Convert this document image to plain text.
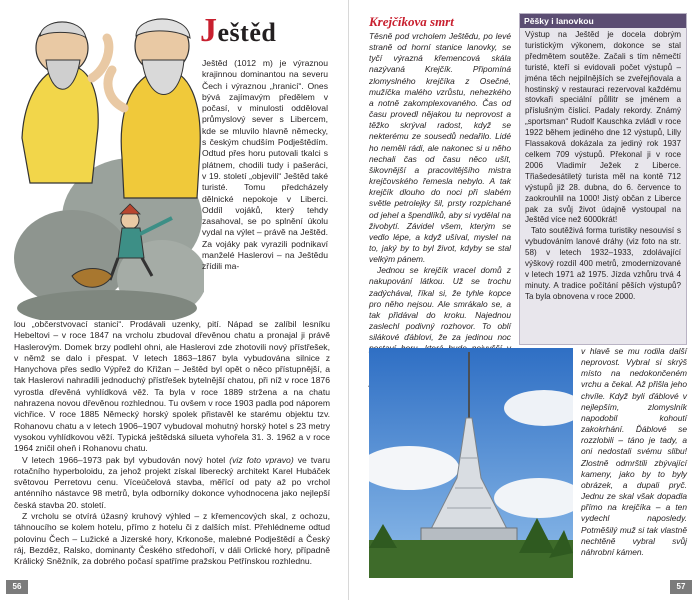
Ještěd

Ještěd (1012 m) je výraznou krajinnou dominantou na severu Čech i výraznou „hranicí“. Ones bývá zajímavým předělem v počasí, v minulosti odděloval průmyslový sever s Libercem, kde se mluvilo hlavně německy, s českým chudším Podještědím. Odtud přes horu putovali tkalci s plátnem, chodili tudy i pašeráci, v 19. století „objevili“ Ještěd také turisté. Tomu předcházely dělnické nepokoje v Liberci. Oddíl vojáků, který tehdy zasahoval, se po splnění úkolu vydal na výlet – právě na Ještěd. Za vojáky pak vyrazili podnikaví manželé Haslerovi – na Ještědu zřídili ma-

lou „občerstvovací stanici“. Prodávali uzenky, pití. Nápad se zalíbil lesníku Hebeltovi – v roce 1847 na vrcholu zbudoval dřevěnou chatu a pronajal ji právě Haslerovým. Domek brzy podlehl ohni, ale Haslerovi zde zhotovili nový přístřešek, v němž se dalo i přespat. V letech 1863–1867 byla vybudována silnice z Hanychova přes sedlo Výpřež do Křižan – Ještěd byl opět o něco přístupnější, a tak Haslerovi nahradili jednoduchý přístřešek bytelnější chatou, při níž v roce 1876 vyrostla dřevěná vyhlídková věž. Ta byla v roce 1889 stržena a na chatu nahrazena novou dřevěnou rozhlednou. Tu ovšem v roce 1903 padla pod náporem vichřice. V roce 1885 Německý horský spolek přistavěl ke starému objektu tzv. Rohanovu chatu a v letech 1906–1907 vybudoval mohutný horský hotel s 23 metry vysokou vyhlídkovou věží. Typická ještědská silueta vyhořela 31. 3. 1962 a v roce 1964 zničil oheň i Rohanovu chatu.

V letech 1966–1973 pak byl vybudován nový hotel (viz foto vpravo) ve tvaru rotačního hyperboloidu, za jehož projekt získal liberecký architekt Karel Hubáček světovou Perretovu cenu. Víceúčelová stavba, měřící od paty až po vrchol anténního nástavce 98 metrů, byla odborníky dokonce vyhodnocena jako nejlepší česká stavba 20. století.

Z vrcholu se otvírá úžasný kruhový výhled – z křemencových skal, z ochozu, táhnoucího se kolem hotelu, přímo z hotelu či z dalších míst. Přehlédneme odtud polovinu Čech – Lužické a Jizerské hory, Krkonoše, malebné Podještědí a Český ráj, Bezděz, Ralsko, dominanty Českého středohoří, v dáli Orlické hory, případně Králický Sněžník, za dobrého počasí spatříme pražskou Petřínskou rozhlednu.

56
Krejčíkova smrt

Těsně pod vrcholem Ještědu, po levé straně od horní stanice lanovky, se tyčí výrazná křemencová skála nazývaná Krejčík. Připomíná zlomyslného krejčíka z Osečné, mužíčka malého vzrůstu, nehezkého a notně zakomplexovaného. Čas od času provedl nějakou tu neprovost a těžko skrýval radost, když se nekterému ze sousedů nedařilo. Lidé ho neměli rádi, ale nakonec si u něho nechali čas od času něco ušít, šikovnější a pracovitějšího mistra krejčovského řemesla nebylo. A tak krejčík dlouho do noci při slabém světle petrolejky šil, prsty rozpíchané od jehel a špendlíků, aby si vydělal na živobytí. Závidel všem, kterým se vedlo lépe, a když ušíval, myslel na to, jaký by to byl život, kdyby se stal velkým pánem.

Jednou se krejčík vracel domů z nakupování látkou. Už se trochu zadýchával, říkal si, že tyhle kopce pro něho nejsou. Ale smrákalo se, a tak přidával do kroku. Najednou zaslechl podivný rozhovor. To oblí silákové ďáblovi, že za jedinou noc

Pěšky i lanovkou

Výstup na Ještěd je docela dobrým turistickým výkonem, dokonce se stal předmětem soutěže. Začali s tím němečtí turisté, kteří si evidovali počet výstupů – jména těch nejpilnějších se zveřejňovala a hostinský v restauraci rezervoval každému stovkaři speciální půllitr se jménem a příslušným číslicí. Padaly rekordy. Známý „sportsman“ Rudolf Kauschka zvládl v roce 1922 během jediného dne 12 výstupů, Lilly Flassaková dokázala za jediný rok 1937 celkem 709 výstupů. Překonal ji v roce 2006 Vladimír Ježek z Liberce. Třiašedesátiletý turista měl na kontě 712 výstupů již 28. dubna, do 6. července to zaokrouhlil na 1000! Jistý občan z Liberce pak za svůj život údajně vystoupal na Ještěd více než 6000krát!

Tato soutěživá forma turistiky nesouvisí s vybudováním lanové dráhy (viz foto na str. 58) v letech 1932–1933, zdolávající výškový rozdíl 400 metrů, zmodernizované v letech 1971 až 1975. Jízda vzhůru trvá 4 minuty. A tradice počítání pěších výstupů? Ta byla obnovena v roce 2000.

v hlavě se mu rodila další neprovost. Vybral si skrýš místo na nedokončeném vrchu a čekal. Až přišla jeho chvíle. Když byli ďáblové v nejlepším, zlomyslník napodobil kohoutí zakokrhání. Ďáblové se rozzlobili – táno je tady, a oni nedostali svému slibu! Zlostně odmrštili zbývající kameny, jako by to byly obrázek, a dupali pryč. Jednu ze skal však dopadla přímo na krejčíka – a ten vydechl naposledy. Potměšilý muž si tak vlastně nechtěně vybral svůj náhrobní kámen.

57
